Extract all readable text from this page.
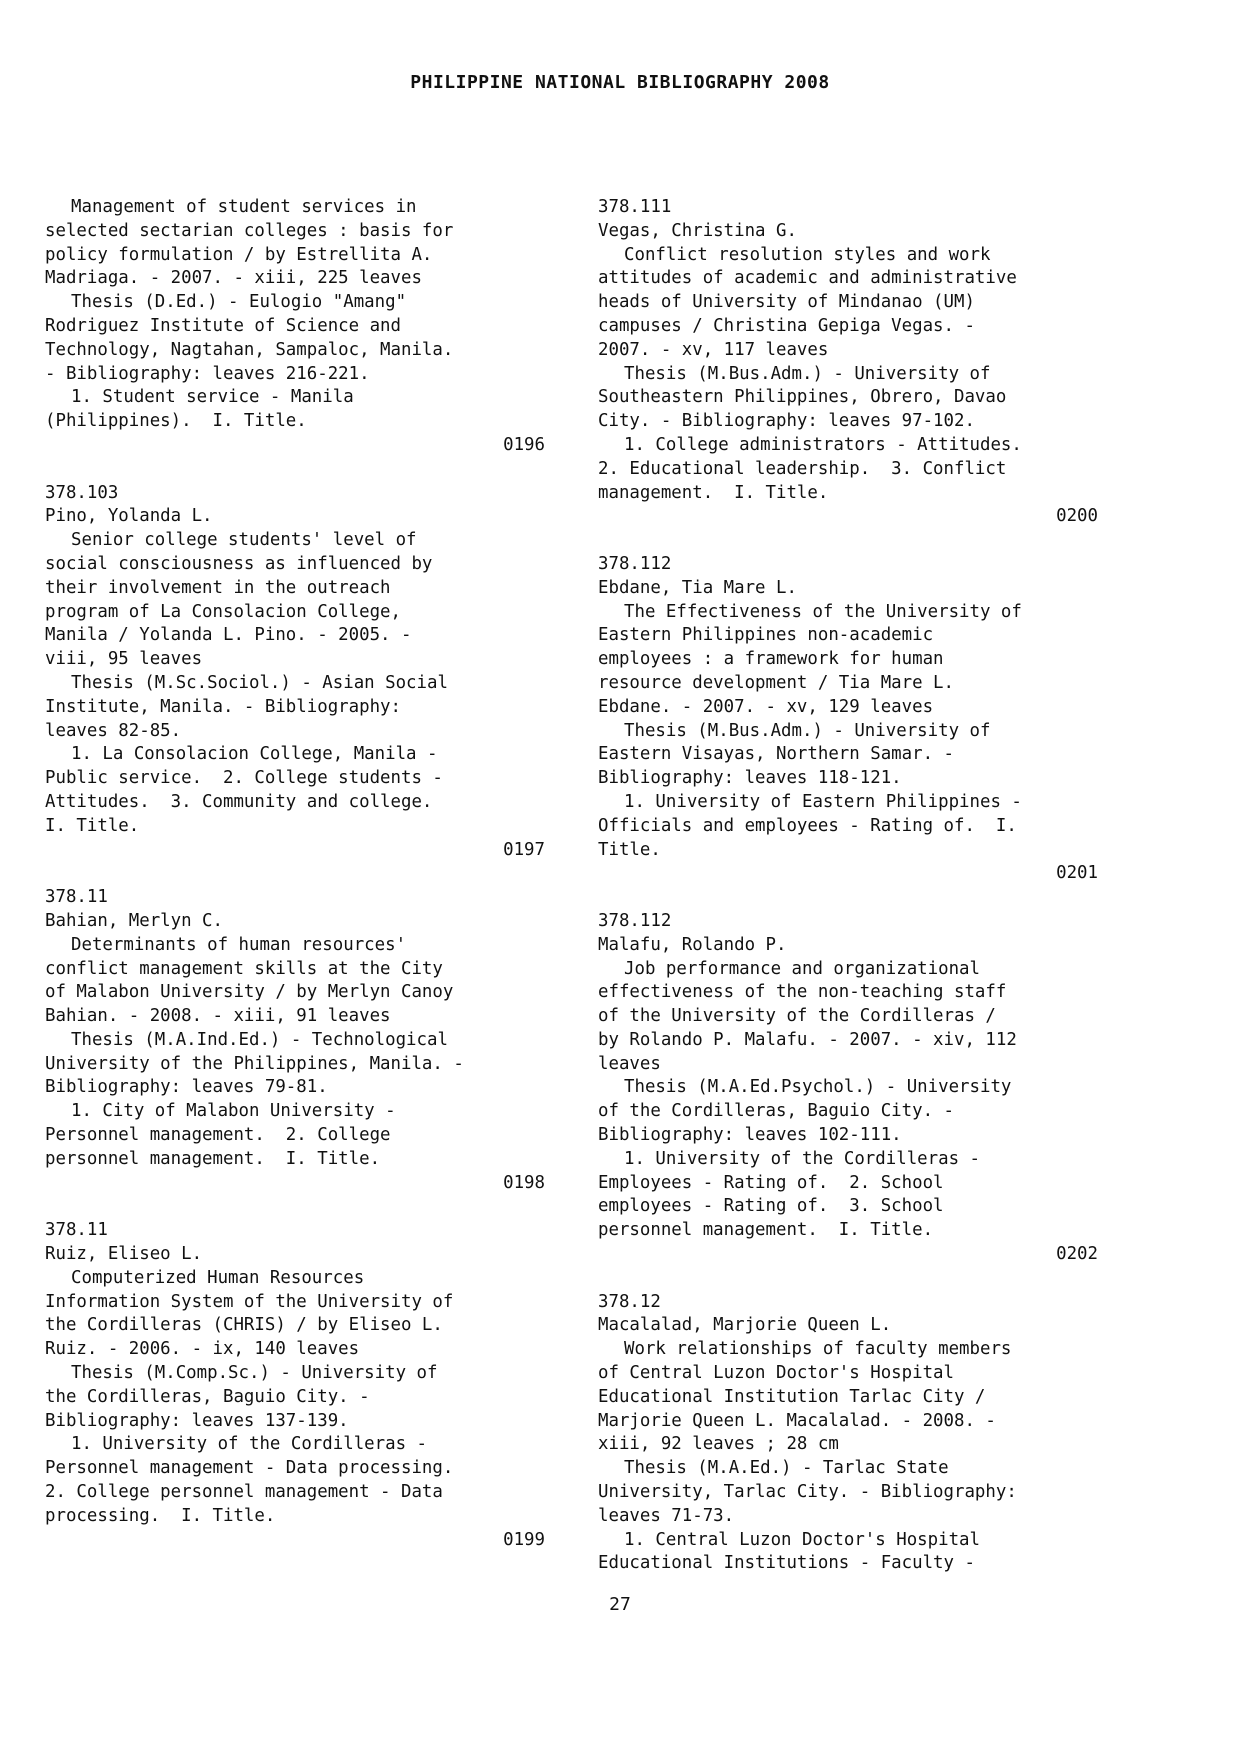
PHILIPPINE NATIONAL BIBLIOGRAPHY 2008
Management of student services in
selected sectarian colleges : basis for
policy formulation / by Estrellita A.
Madriaga. - 2007. - xiii, 225 leaves
Thesis (D.Ed.) - Eulogio "Amang"
Rodriguez Institute of Science and
Technology, Nagtahan, Sampaloc, Manila.
- Bibliography: leaves 216-221.
1. Student service - Manila
(Philippines).  I. Title.
0196
378.103
Pino, Yolanda L.
Senior college students' level of
social consciousness as influenced by
their involvement in the outreach
program of La Consolacion College,
Manila / Yolanda L. Pino. - 2005. -
viii, 95 leaves
Thesis (M.Sc.Sociol.) - Asian Social
Institute, Manila. - Bibliography:
leaves 82-85.
1. La Consolacion College, Manila -
Public service.  2. College students -
Attitudes.  3. Community and college.
I. Title.
0197
378.11
Bahian, Merlyn C.
Determinants of human resources'
conflict management skills at the City
of Malabon University / by Merlyn Canoy
Bahian. - 2008. - xiii, 91 leaves
Thesis (M.A.Ind.Ed.) - Technological
University of the Philippines, Manila. -
Bibliography: leaves 79-81.
1. City of Malabon University -
Personnel management.  2. College
personnel management.  I. Title.
0198
378.11
Ruiz, Eliseo L.
Computerized Human Resources
Information System of the University of
the Cordilleras (CHRIS) / by Eliseo L.
Ruiz. - 2006. - ix, 140 leaves
Thesis (M.Comp.Sc.) - University of
the Cordilleras, Baguio City. -
Bibliography: leaves 137-139.
1. University of the Cordilleras -
Personnel management - Data processing.
2. College personnel management - Data
processing.  I. Title.
0199
378.111
Vegas, Christina G.
Conflict resolution styles and work
attitudes of academic and administrative
heads of University of Mindanao (UM)
campuses / Christina Gepiga Vegas. -
2007. - xv, 117 leaves
Thesis (M.Bus.Adm.) - University of
Southeastern Philippines, Obrero, Davao
City. - Bibliography: leaves 97-102.
1. College administrators - Attitudes.
2. Educational leadership.  3. Conflict
management.  I. Title.
0200
378.112
Ebdane, Tia Mare L.
The Effectiveness of the University of
Eastern Philippines non-academic
employees : a framework for human
resource development / Tia Mare L.
Ebdane. - 2007. - xv, 129 leaves
Thesis (M.Bus.Adm.) - University of
Eastern Visayas, Northern Samar. -
Bibliography: leaves 118-121.
1. University of Eastern Philippines -
Officials and employees - Rating of.  I.
Title.
0201
378.112
Malafu, Rolando P.
Job performance and organizational
effectiveness of the non-teaching staff
of the University of the Cordilleras /
by Rolando P. Malafu. - 2007. - xiv, 112
leaves
Thesis (M.A.Ed.Psychol.) - University
of the Cordilleras, Baguio City. -
Bibliography: leaves 102-111.
1. University of the Cordilleras -
Employees - Rating of.  2. School
employees - Rating of.  3. School
personnel management.  I. Title.
0202
378.12
Macalalad, Marjorie Queen L.
Work relationships of faculty members
of Central Luzon Doctor's Hospital
Educational Institution Tarlac City /
Marjorie Queen L. Macalalad. - 2008. -
xiii, 92 leaves ; 28 cm
Thesis (M.A.Ed.) - Tarlac State
University, Tarlac City. - Bibliography:
leaves 71-73.
1. Central Luzon Doctor's Hospital
Educational Institutions - Faculty -
27
